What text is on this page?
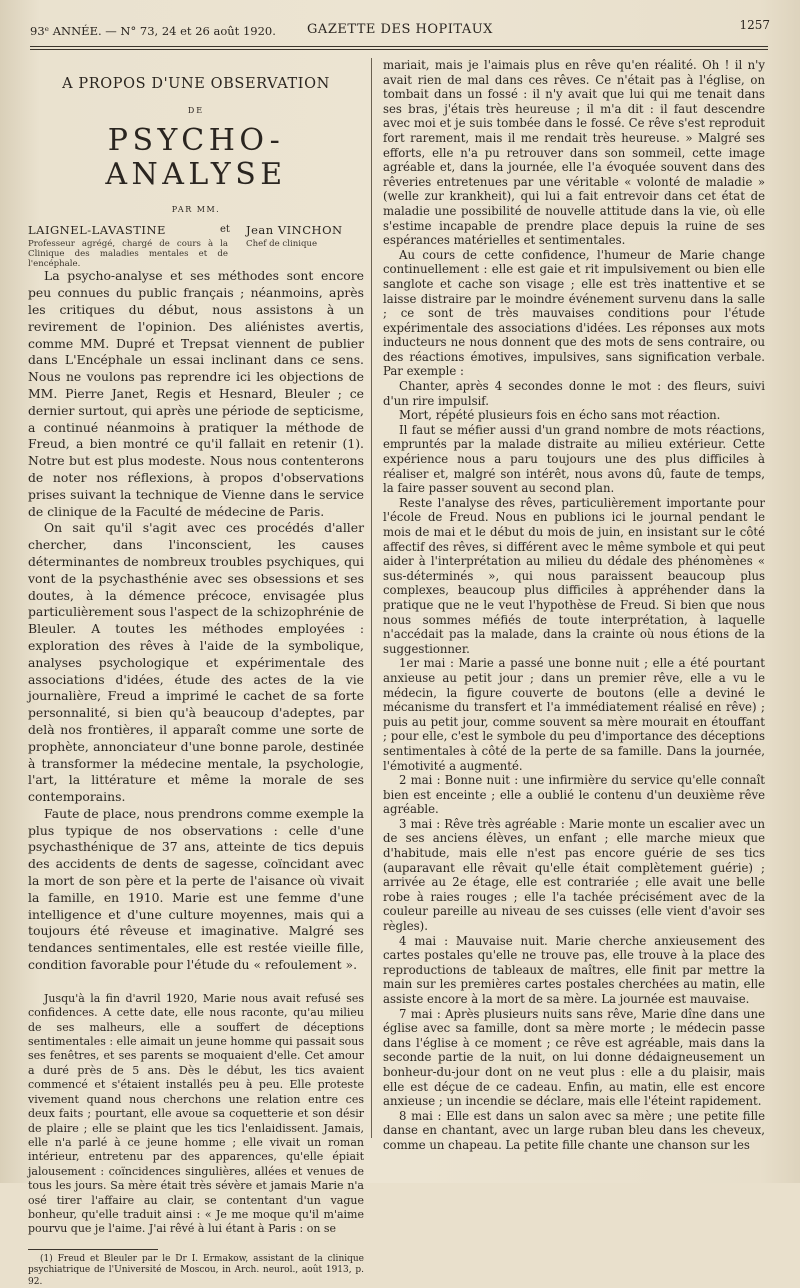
93ᵉ ANNÉE. — N° 73, 24 et 26 août 1920.	GAZETTE DES HOPITAUX	1257
A PROPOS D'UNE OBSERVATION
DE
PSYCHO-ANALYSE
PAR MM.
LAIGNEL-LAVASTINE
Professeur agrégé, chargé de cours à la Clinique des maladies mentales et de l'encéphale.
et Jean VINCHON
Chef de clinique

La psycho-analyse et ses méthodes sont encore peu connues du public français ; néanmoins, après les critiques du début, nous assistons à un revirement de l'opinion. Des aliénistes avertis, comme MM. Dupré et Trepsat viennent de publier dans L'Encéphale un essai inclinant dans ce sens. Nous ne voulons pas reprendre ici les objections de MM. Pierre Janet, Regis et Hesnard, Bleuler ; ce dernier surtout, qui après une période de septicisme, a continué néanmoins à pratiquer la méthode de Freud, a bien montré ce qu'il fallait en retenir (1). Notre but est plus modeste. Nous nous contenterons de noter nos réflexions, à propos d'observations prises suivant la technique de Vienne dans le service de clinique de la Faculté de médecine de Paris.

On sait qu'il s'agit avec ces procédés d'aller chercher, dans l'inconscient, les causes déterminantes de nombreux troubles psychiques, qui vont de la psychasthénie avec ses obsessions et ses doutes, à la démence précoce, envisagée plus particulièrement sous l'aspect de la schizophrénie de Bleuler. A toutes les méthodes employées : exploration des rêves à l'aide de la symbolique, analyses psychologique et expérimentale des associations d'idées, étude des actes de la vie journalière, Freud a imprimé le cachet de sa forte personnalité, si bien qu'à beaucoup d'adeptes, par delà nos frontières, il apparaît comme une sorte de prophète, annonciateur d'une bonne parole, destinée à transformer la médecine mentale, la psychologie, l'art, la littérature et même la morale de ses contemporains.

Faute de place, nous prendrons comme exemple la plus typique de nos observations : celle d'une psychasthénique de 37 ans, atteinte de tics depuis des accidents de dents de sagesse, coïncidant avec la mort de son père et la perte de l'aisance où vivait la famille, en 1910. Marie est une femme d'une intelligence et d'une culture moyennes, mais qui a toujours été rêveuse et imaginative. Malgré ses tendances sentimentales, elle est restée vieille fille, condition favorable pour l'étude du « refoulement ».

Jusqu'à la fin d'avril 1920, Marie nous avait refusé ses confidences. A cette date, elle nous raconte, qu'au milieu de ses malheurs, elle a souffert de déceptions sentimentales : elle aimait un jeune homme qui passait sous ses fenêtres, et ses parents se moquaient d'elle. Cet amour a duré près de 5 ans. Dès le début, les tics avaient commencé et s'étaient installés peu à peu. Elle proteste vivement quand nous cherchons une relation entre ces deux faits ; pourtant, elle avoue sa coquetterie et son désir de plaire ; elle se plaint que les tics l'enlaidissent. Jamais, elle n'a parlé à ce jeune homme ; elle vivait un roman intérieur, entretenu par des apparences, qu'elle épiait jalousement : coïncidences singulières, allées et venues de tous les jours. Sa mère était très sévère et jamais Marie n'a osé tirer l'affaire au clair, se contentant d'un vague bonheur, qu'elle traduit ainsi : « Je me moque qu'il m'aime pourvu que je l'aime. J'ai rêvé à lui étant à Paris : on se

(1) Freud et Bleuler par le Dr I. Ermakow, assistant de la clinique psychiatrique de l'Université de Moscou, in Arch. neurol., août 1913, p. 92.

mariait, mais je l'aimais plus en rêve qu'en réalité. Oh ! il n'y avait rien de mal dans ces rêves. Ce n'était pas à l'église, on tombait dans un fossé : il n'y avait que lui qui me tenait dans ses bras, j'étais très heureuse ; il m'a dit : il faut descendre avec moi et je suis tombée dans le fossé. Ce rêve s'est reproduit fort rarement, mais il me rendait très heureuse. » Malgré ses efforts, elle n'a pu retrouver dans son sommeil, cette image agréable et, dans la journée, elle l'a évoquée souvent dans des rêveries entretenues par une véritable « volonté de maladie » (welle zur krankheit), qui lui a fait entrevoir dans cet état de maladie une possibilité de nouvelle attitude dans la vie, où elle s'estime incapable de prendre place depuis la ruine de ses espérances matérielles et sentimentales.

Au cours de cette confidence, l'humeur de Marie change continuellement : elle est gaie et rit impulsivement ou bien elle sanglote et cache son visage ; elle est très inattentive et se laisse distraire par le moindre événement survenu dans la salle ; ce sont de très mauvaises conditions pour l'étude expérimentale des associations d'idées. Les réponses aux mots inducteurs ne nous donnent que des mots de sens contraire, ou des réactions émotives, impulsives, sans signification verbale. Par exemple :

Chanter, après 4 secondes donne le mot : des fleurs, suivi d'un rire impulsif.

Mort, répété plusieurs fois en écho sans mot réaction.

Il faut se méfier aussi d'un grand nombre de mots réactions, empruntés par la malade distraite au milieu extérieur. Cette expérience nous a paru toujours une des plus difficiles à réaliser et, malgré son intérêt, nous avons dû, faute de temps, la faire passer souvent au second plan.

Reste l'analyse des rêves, particulièrement importante pour l'école de Freud. Nous en publions ici le journal pendant le mois de mai et le début du mois de juin, en insistant sur le côté affectif des rêves, si différent avec le même symbole et qui peut aider à l'interprétation au milieu du dédale des phénomènes « sus-déterminés », qui nous paraissent beaucoup plus complexes, beaucoup plus difficiles à appréhender dans la pratique que ne le veut l'hypothèse de Freud. Si bien que nous nous sommes méfiés de toute interprétation, à laquelle n'accédait pas la malade, dans la crainte où nous étions de la suggestionner.

1er mai : Marie a passé une bonne nuit ; elle a été pourtant anxieuse au petit jour ; dans un premier rêve, elle a vu le médecin, la figure couverte de boutons (elle a deviné le mécanisme du transfert et l'a immédiatement réalisé en rêve) ; puis au petit jour, comme souvent sa mère mourait en étouffant ; pour elle, c'est le symbole du peu d'importance des déceptions sentimentales à côté de la perte de sa famille. Dans la journée, l'émotivité a augmenté.

2 mai : Bonne nuit : une infirmière du service qu'elle connaît bien est enceinte ; elle a oublié le contenu d'un deuxième rêve agréable.

3 mai : Rêve très agréable : Marie monte un escalier avec un de ses anciens élèves, un enfant ; elle marche mieux que d'habitude, mais elle n'est pas encore guérie de ses tics (auparavant elle rêvait qu'elle était complètement guérie) ; arrivée au 2e étage, elle est contrariée ; elle avait une belle robe à raies rouges ; elle l'a tachée précisément avec de la couleur pareille au niveau de ses cuisses (elle vient d'avoir ses règles).

4 mai : Mauvaise nuit. Marie cherche anxieusement des cartes postales qu'elle ne trouve pas, elle trouve à la place des reproductions de tableaux de maîtres, elle finit par mettre la main sur les premières cartes postales cherchées au matin, elle assiste encore à la mort de sa mère. La journée est mauvaise.

7 mai : Après plusieurs nuits sans rêve, Marie dîne dans une église avec sa famille, dont sa mère morte ; le médecin passe dans l'église à ce moment ; ce rêve est agréable, mais dans la seconde partie de la nuit, on lui donne dédaigneusement un bonheur-du-jour dont on ne veut plus : elle a du plaisir, mais elle est déçue de ce cadeau. Enfin, au matin, elle est encore anxieuse ; un incendie se déclare, mais elle l'éteint rapidement.

8 mai : Elle est dans un salon avec sa mère ; une petite fille danse en chantant, avec un large ruban bleu dans les cheveux, comme un chapeau. La petite fille chante une chanson sur les
